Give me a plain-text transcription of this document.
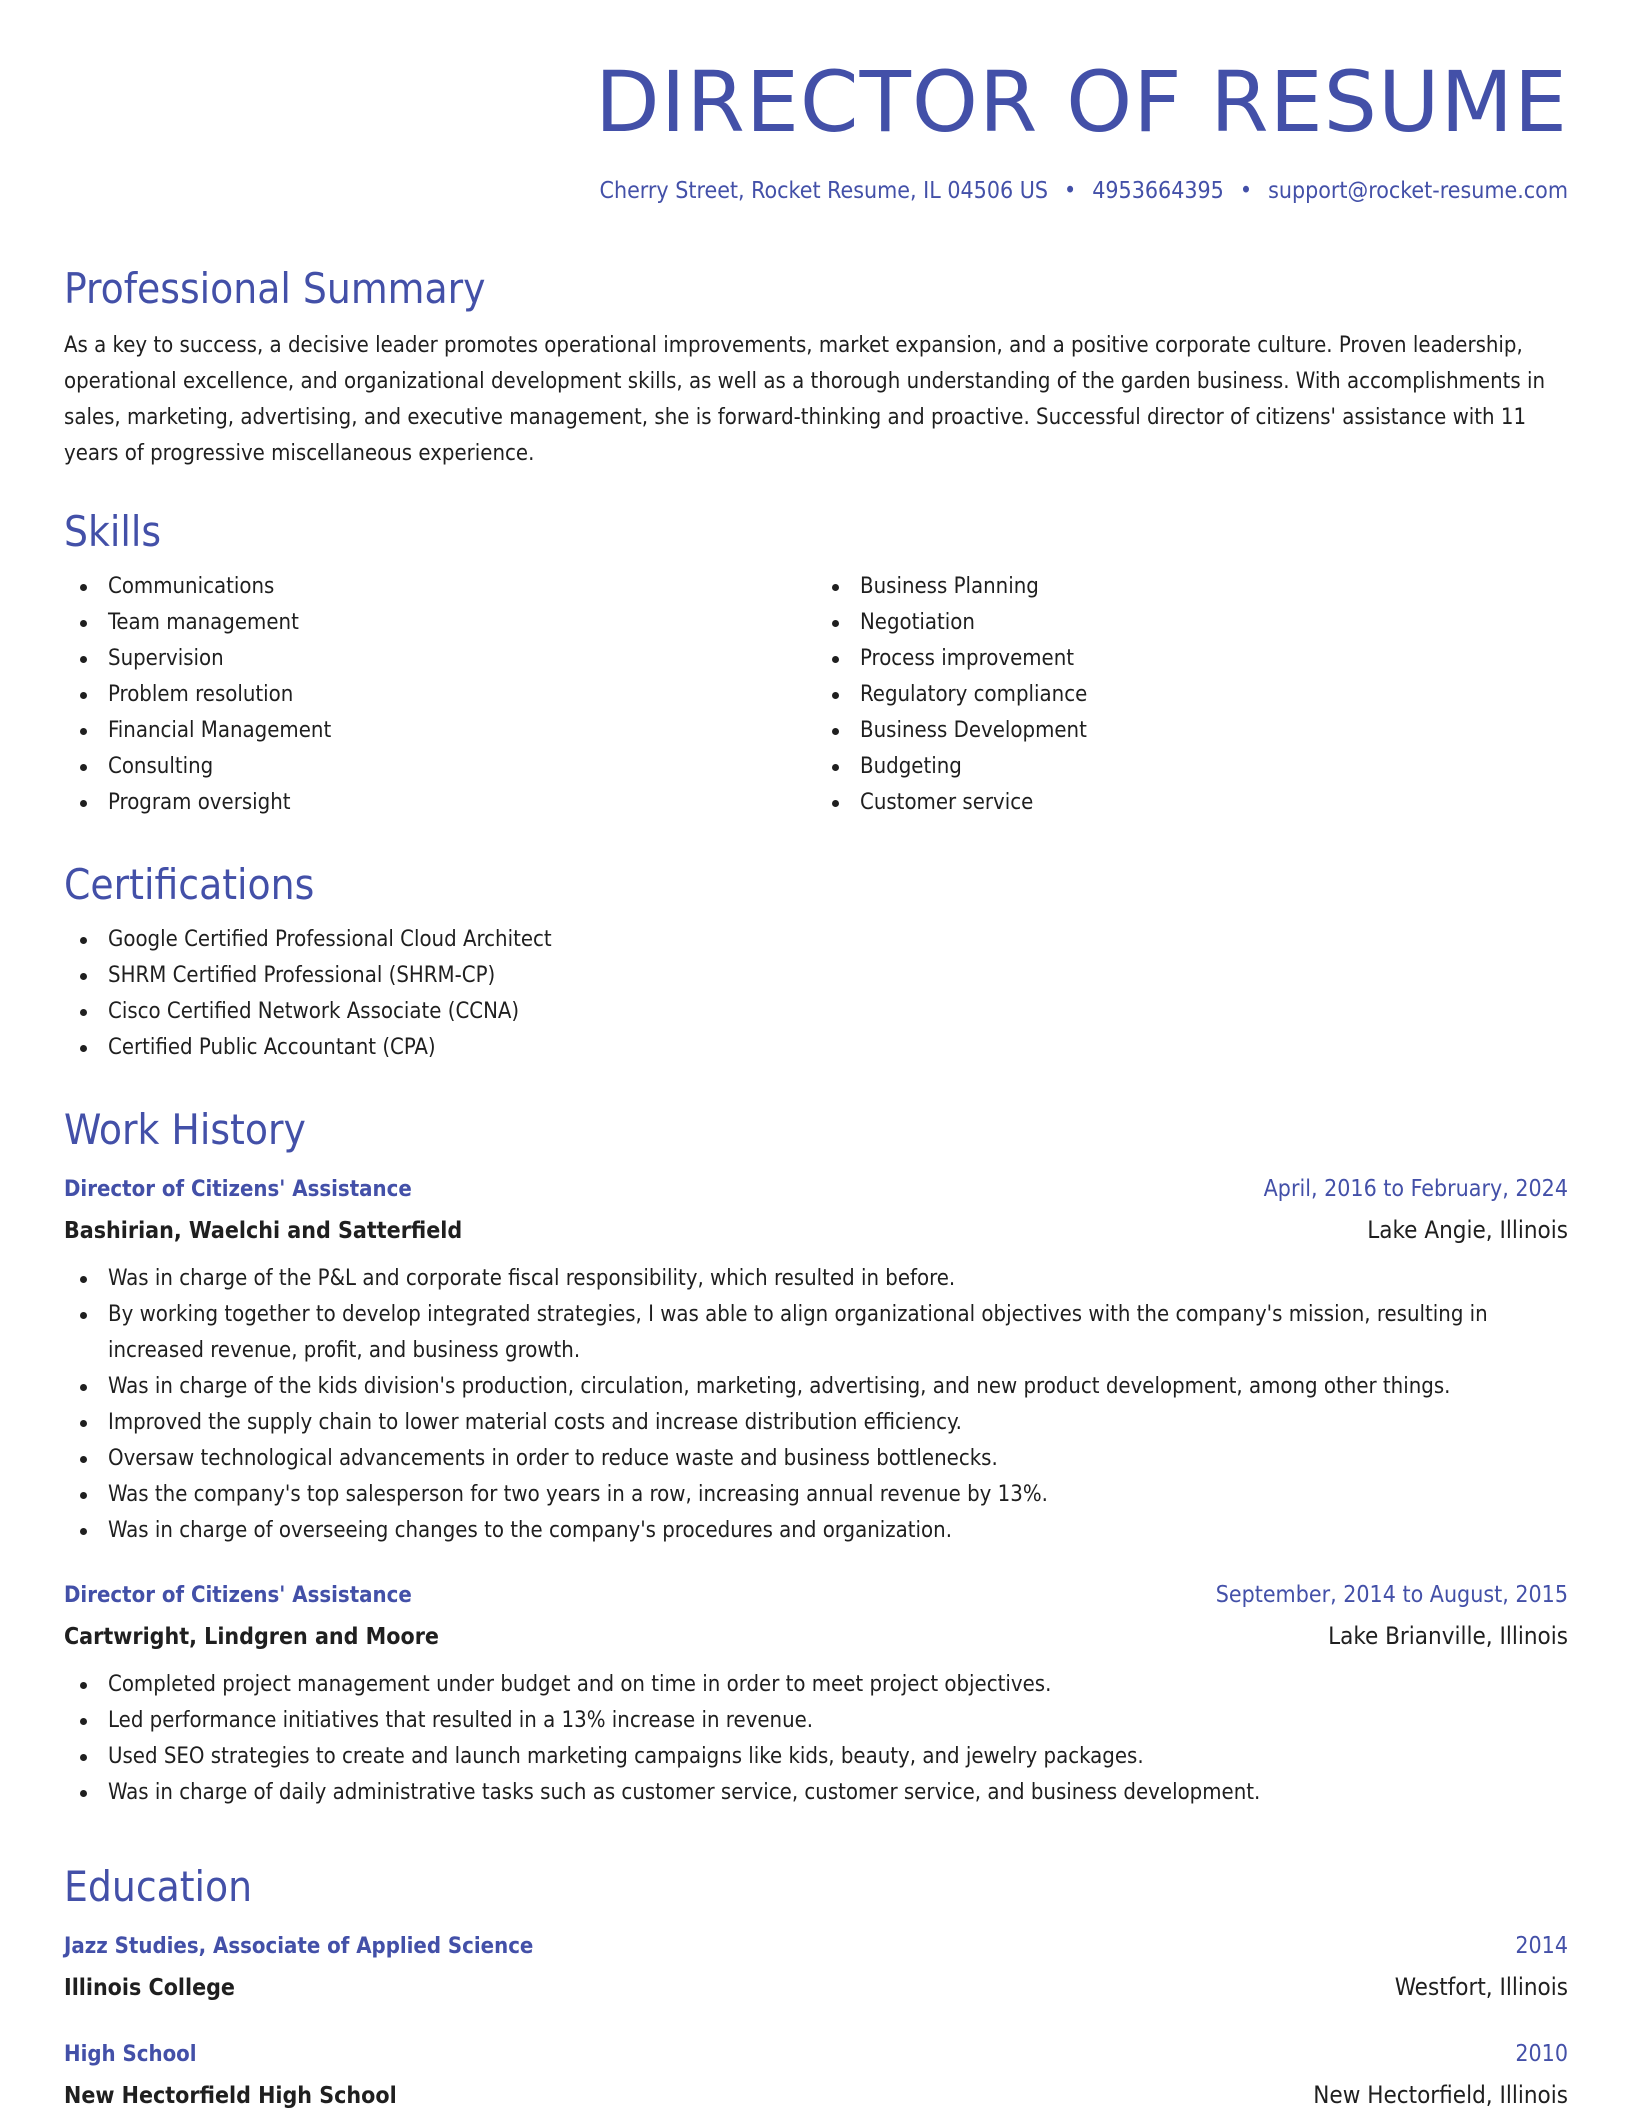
DIRECTOR OF RESUME
Cherry Street, Rocket Resume, IL 04506 US • 4953664395 • support@rocket-resume.com
Professional Summary

As a key to success, a decisive leader promotes operational improvements, market expansion, and a positive corporate culture. Proven leadership, operational excellence, and organizational development skills, as well as a thorough understanding of the garden business. With accomplishments in sales, marketing, advertising, and executive management, she is forward-thinking and proactive. Successful director of citizens' assistance with 11 years of progressive miscellaneous experience.

Skills
Communications
Team management
Supervision
Problem resolution
Financial Management
Consulting
Program oversight
Business Planning
Negotiation
Process improvement
Regulatory compliance
Business Development
Budgeting
Customer service
Certifications
Google Certified Professional Cloud Architect
SHRM Certified Professional (SHRM-CP)
Cisco Certified Network Associate (CCNA)
Certified Public Accountant (CPA)
Work History
Director of Citizens' Assistance	April, 2016 to February, 2024
Bashirian, Waelchi and Satterfield	Lake Angie, Illinois
Was in charge of the P&L and corporate fiscal responsibility, which resulted in before.
By working together to develop integrated strategies, I was able to align organizational objectives with the company's mission, resulting in increased revenue, profit, and business growth.
Was in charge of the kids division's production, circulation, marketing, advertising, and new product development, among other things.
Improved the supply chain to lower material costs and increase distribution efficiency.
Oversaw technological advancements in order to reduce waste and business bottlenecks.
Was the company's top salesperson for two years in a row, increasing annual revenue by 13%.
Was in charge of overseeing changes to the company's procedures and organization.
Director of Citizens' Assistance	September, 2014 to August, 2015
Cartwright, Lindgren and Moore	Lake Brianville, Illinois
Completed project management under budget and on time in order to meet project objectives.
Led performance initiatives that resulted in a 13% increase in revenue.
Used SEO strategies to create and launch marketing campaigns like kids, beauty, and jewelry packages.
Was in charge of daily administrative tasks such as customer service, customer service, and business development.
Education
Jazz Studies, Associate of Applied Science	2014
Illinois College	Westfort, Illinois
High School	2010
New Hectorfield High School	New Hectorfield, Illinois
